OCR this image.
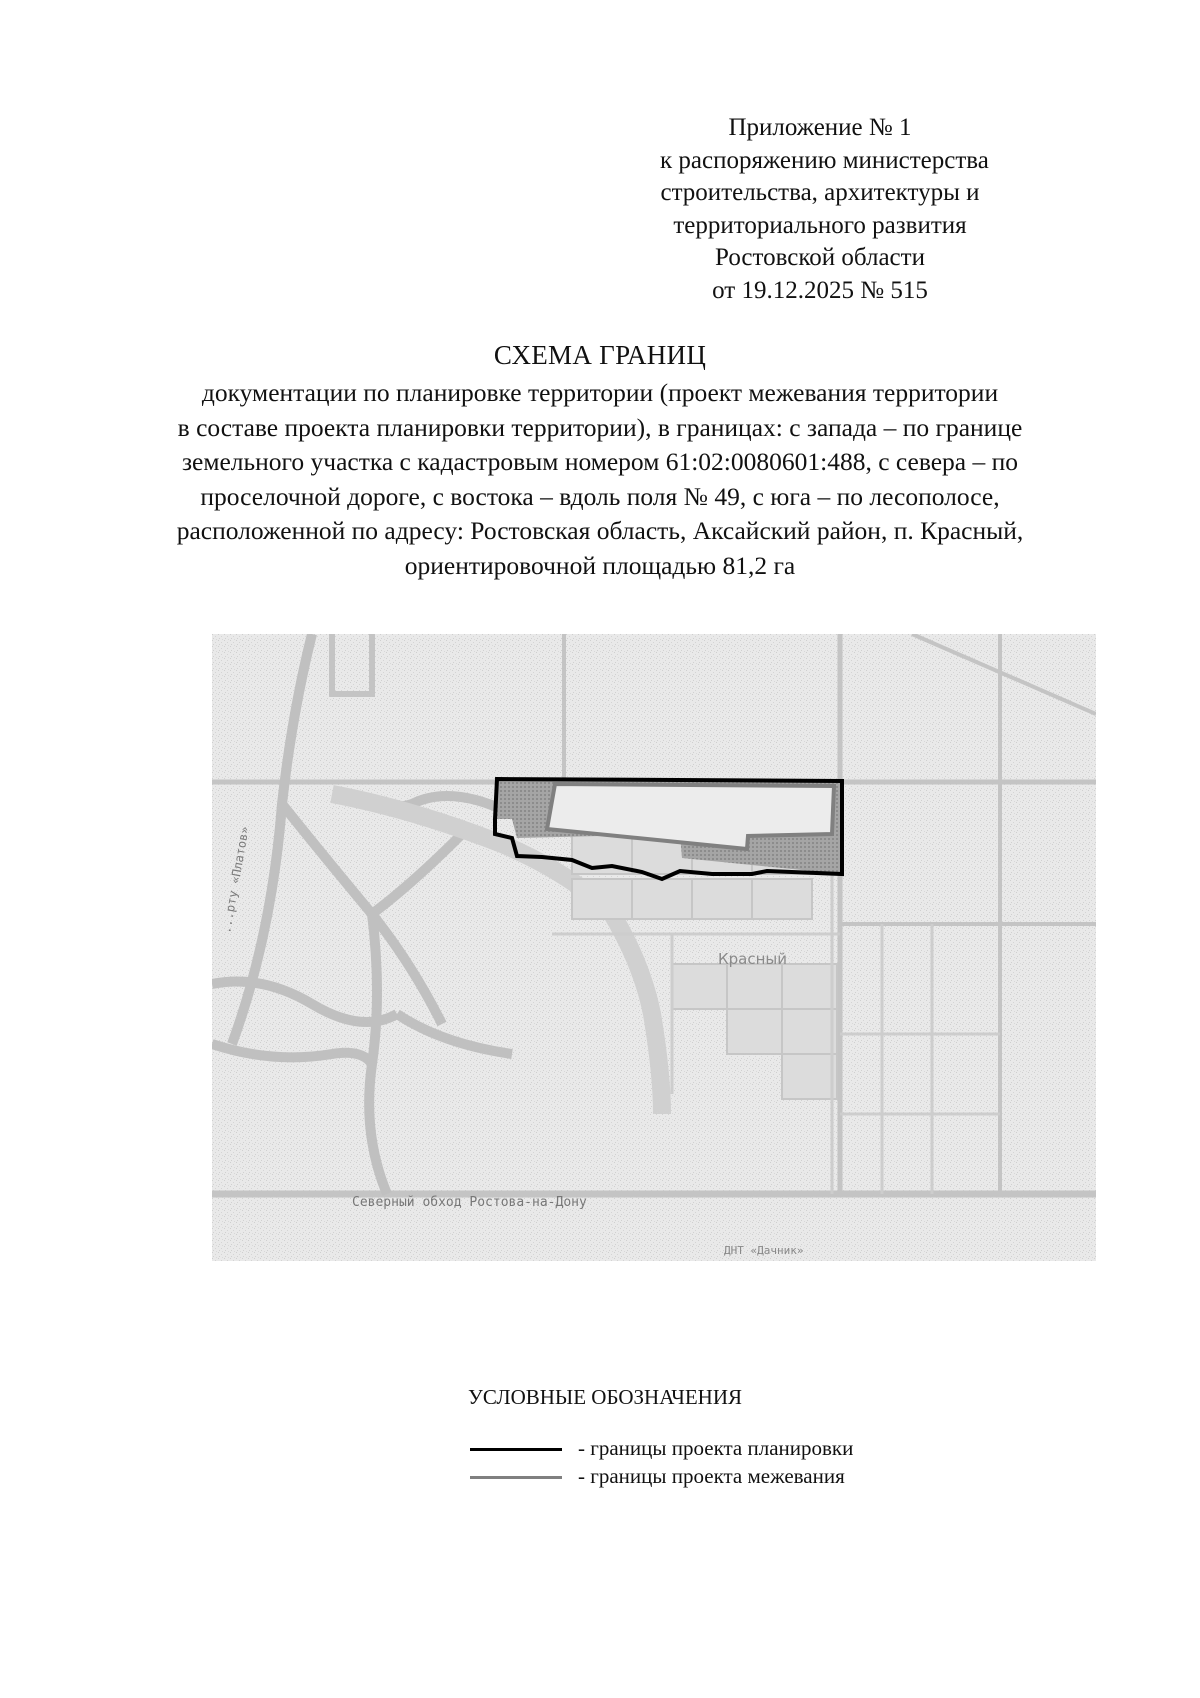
Приложение № 1
к распоряжению министерства
строительства, архитектуры и
территориального развития
Ростовской области
от 19.12.2025 № 515
СХЕМА ГРАНИЦ
документации по планировке территории (проект межевания территории
в составе проекта планировки территории), в границах: с запада – по границе
земельного участка с кадастровым номером 61:02:0080601:488, с севера – по
проселочной дороге, с востока – вдоль поля № 49, с юга – по лесополосе,
расположенной по адресу: Ростовская область, Аксайский район, п. Красный,
ориентировочной площадью 81,2 га
Красный
...рту «Платов»
Северный обход Ростова-на-Дону
ДНТ «Дачник»
УСЛОВНЫЕ ОБОЗНАЧЕНИЯ
- границы проекта планировки
- границы проекта межевания
